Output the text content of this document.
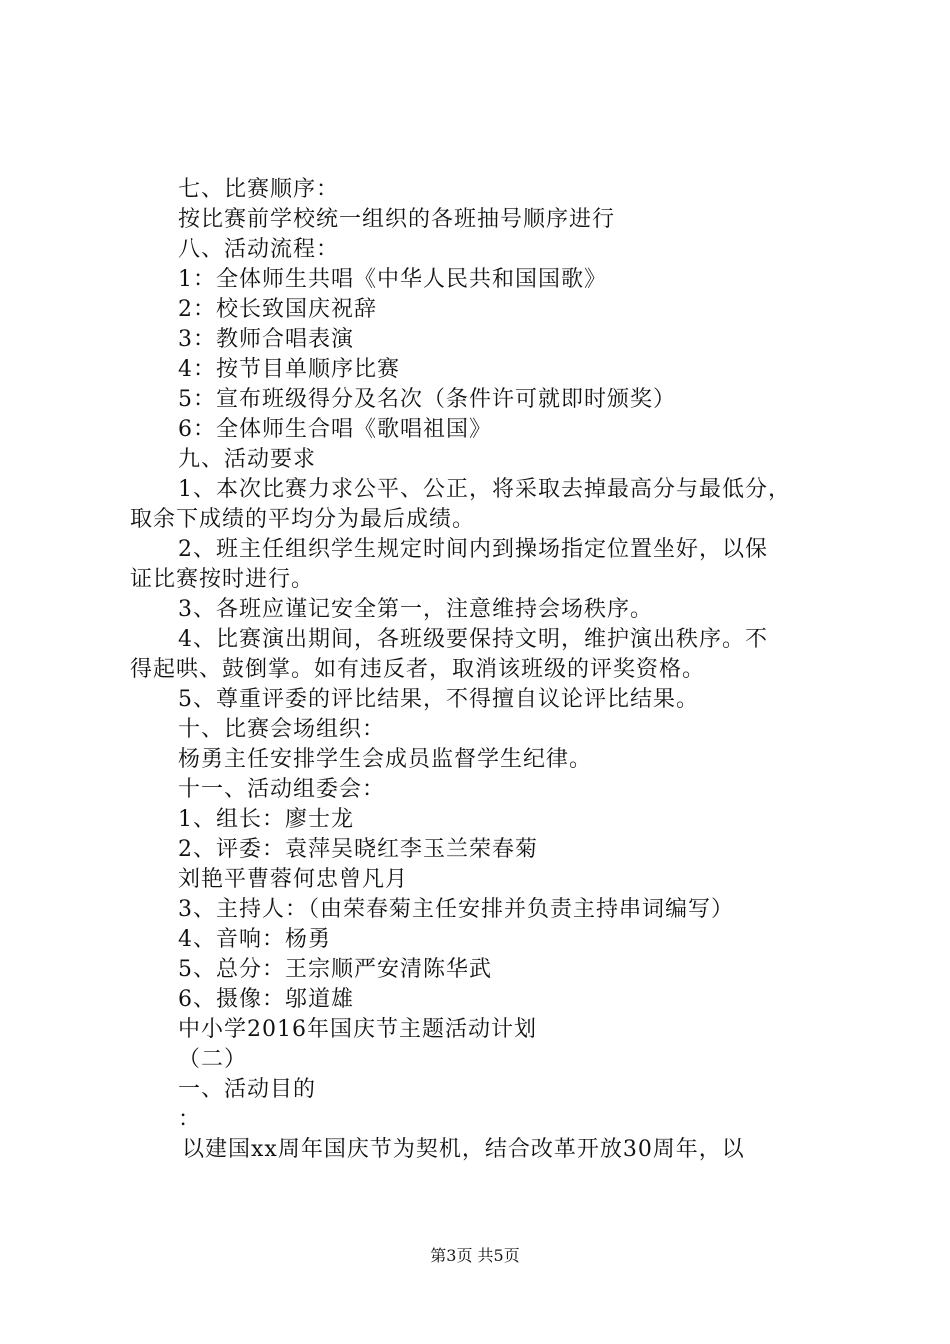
七、比赛顺序：
按比赛前学校统一组织的各班抽号顺序进行
八、活动流程：
1：全体师生共唱《中华人民共和国国歌》
2：校长致国庆祝辞
3：教师合唱表演
4：按节目单顺序比赛
5：宣布班级得分及名次（条件许可就即时颁奖）
6：全体师生合唱《歌唱祖国》
九、活动要求
1、本次比赛力求公平、公正，将采取去掉最高分与最低分，
取余下成绩的平均分为最后成绩。
2、班主任组织学生规定时间内到操场指定位置坐好，以保
证比赛按时进行。
3、各班应谨记安全第一，注意维持会场秩序。
4、比赛演出期间，各班级要保持文明，维护演出秩序。不
得起哄、鼓倒掌。如有违反者，取消该班级的评奖资格。
5、尊重评委的评比结果，不得擅自议论评比结果。
十、比赛会场组织：
杨勇主任安排学生会成员监督学生纪律。
十一、活动组委会：
1、组长：廖士龙
2、评委：袁萍吴晓红李玉兰荣春菊
刘艳平曹蓉何忠曾凡月
3、主持人：（由荣春菊主任安排并负责主持串词编写）
4、音响：杨勇
5、总分：王宗顺严安清陈华武
6、摄像：邬道雄
中小学2016年国庆节主题活动计划
（二）
一、活动目的
：
以建国xx周年国庆节为契机，结合改革开放30周年，以
第3页 共5页
